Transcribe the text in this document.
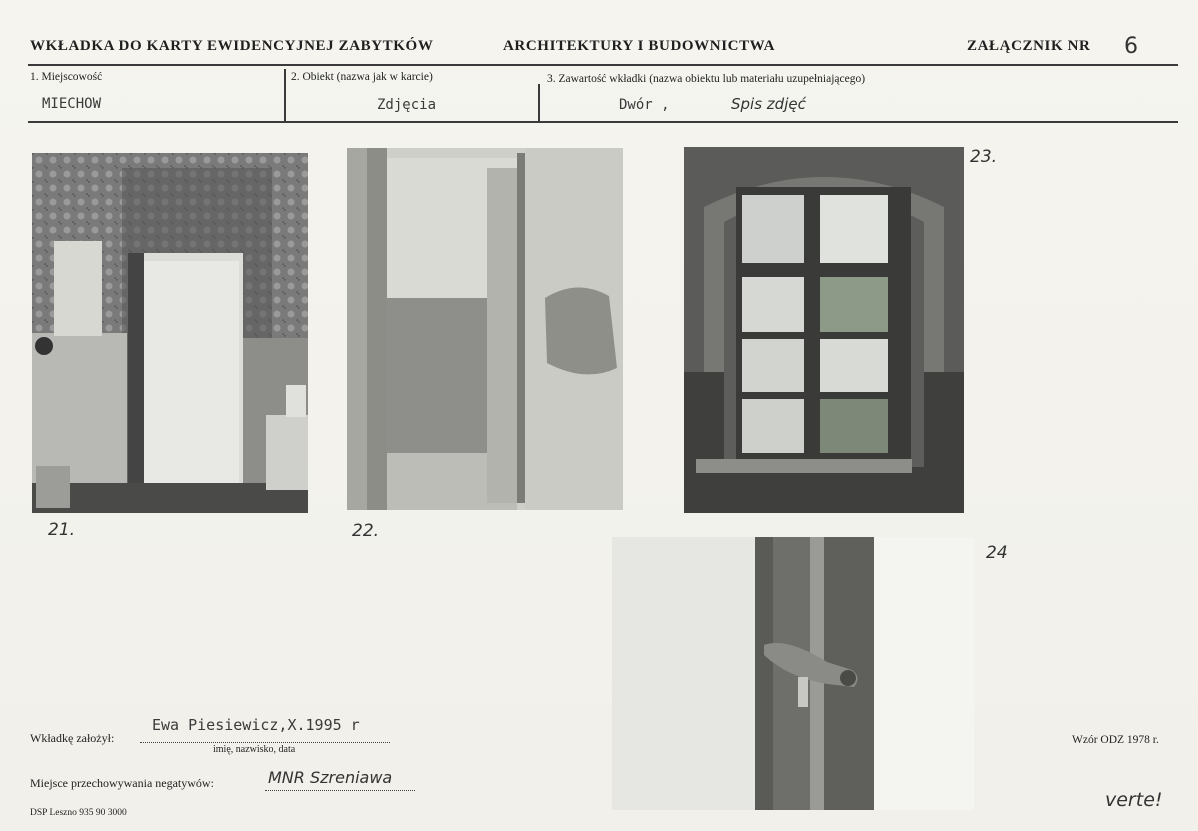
WKŁADKA DO KARTY EWIDENCYJNEJ ZABYTKÓW	ARCHITEKTURY I BUDOWNICTWA	ZAŁĄCZNIK NR 6
1. Miejscowość	2. Obiekt (nazwa jak w karcie)	3. Zawartość wkładki (nazwa obiektu lub materiału uzupełniającego)
MIECHOW	Zdjęcia	Dwór ,	Spis zdjęć
21.	22.
23.
24
Wkładkę założył:
Ewa Piesiewicz,X.1995 r
imię, nazwisko, data
Miejsce przechowywania negatywów:	MNR Szreniawa
DSP Leszno 935 90 3000
Wzór ODZ 1978 r.
verte!
